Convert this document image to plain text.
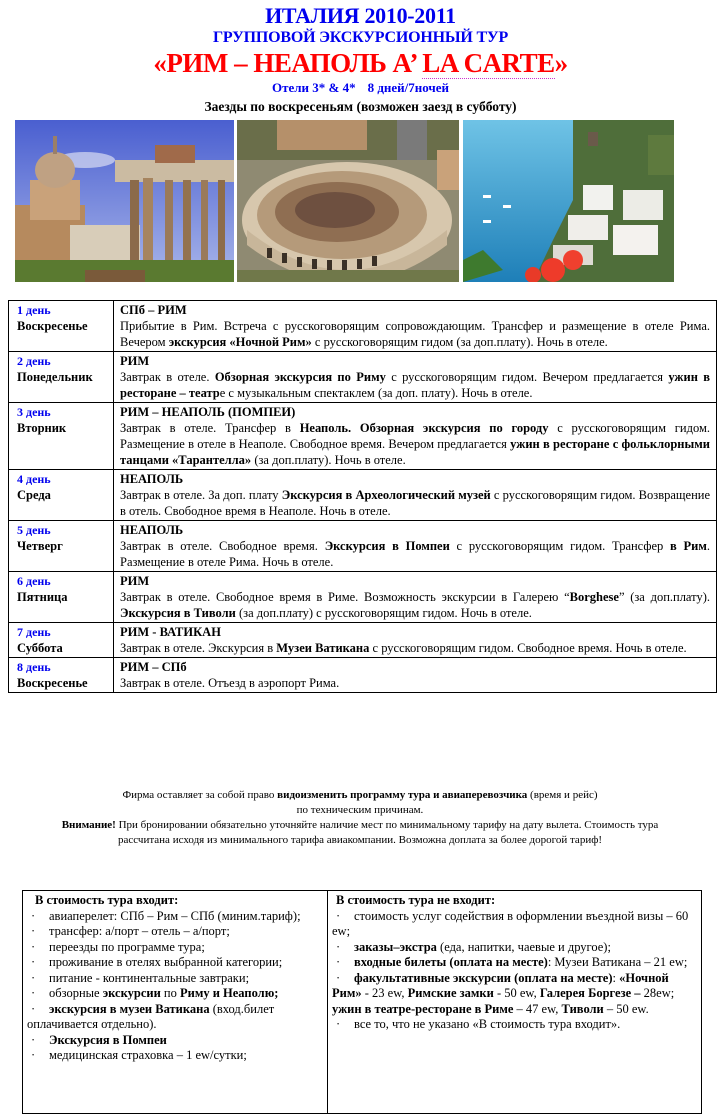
ИТАЛИЯ 2010-2011
ГРУППОВОЙ ЭКСКУРСИОННЫЙ ТУР
«РИМ – НЕАПОЛЬ A’ LA CARTE»
Отели 3* & 4* 8 дней/7ночей
Заезды по воскресеньям (возможен заезд в субботу)
1 день
Воскресенье	СПб – РИМ
Прибытие в Рим. Встреча с русскоговорящим сопровождающим. Трансфер и размещение в отеле Рима. Вечером экскурсия «Ночной Рим» с русскоговорящим гидом (за доп.плату). Ночь в отеле.

2 день
Понедельник	РИМ
Завтрак в отеле. Обзорная экскурсия по Риму с русскоговорящим гидом. Вечером предлагается ужин в ресторане – театре с музыкальным спектаклем (за доп. плату). Ночь в отеле.

3 день
Вторник	РИМ – НЕАПОЛЬ (ПОМПЕИ)
Завтрак в отеле. Трансфер в Неаполь. Обзорная экскурсия по городу с русскоговорящим гидом. Размещение в отеле в Неаполе. Свободное время. Вечером предлагается ужин в ресторане с фольклорными танцами «Тарантелла» (за доп.плату). Ночь в отеле.

4 день
Среда	НЕАПОЛЬ
Завтрак в отеле. За доп. плату Экскурсия в Археологический музей с русскоговорящим гидом. Возвращение в отель. Свободное время в Неаполе. Ночь в отеле.

5 день
Четверг	НЕАПОЛЬ
Завтрак в отеле. Свободное время. Экскурсия в Помпеи с русскоговорящим гидом. Трансфер в Рим. Размещение в отеле Рима. Ночь в отеле.

6 день
Пятница	РИМ
Завтрак в отеле. Свободное время в Риме. Возможность экскурсии в Галерею “Borghese” (за доп.плату). Экскурсия в Тиволи (за доп.плату) с русскоговорящим гидом. Ночь в отеле.

7 день
Суббота	РИМ - ВАТИКАН
Завтрак в отеле. Экскурсия в Музеи Ватикана с русскоговорящим гидом. Свободное время. Ночь в отеле.

8 день
Воскресенье	РИМ – СПб
Завтрак в отеле. Отъезд в аэропорт Рима.
Фирма оставляет за собой право видоизменить программу тура и авиаперевозчика (время и рейс)
по техническим причинам.
Внимание! При бронировании обязательно уточняйте наличие мест по минимальному тарифу на дату вылета. Стоимость тура рассчитана исходя из минимального тарифа авиакомпании. Возможна доплата за более дорогой тариф!
В стоимость тура входит:
· авиаперелет: СПб – Рим – СПб (миним.тариф);
· трансфер: а/порт – отель – а/порт;
· переезды по программе тура;
· проживание в отелях выбранной категории;
· питание - континентальные завтраки;
· обзорные экскурсии по Риму и Неаполю;
· экскурсия в музеи Ватикана (вход.билет оплачивается отдельно).
· Экскурсия в Помпеи
· медицинская страховка – 1 ew/сутки;

В стоимость тура не входит:
· стоимость услуг содействия в оформлении въездной визы – 60 ew;
· заказы–экстра (еда, напитки, чаевые и другое);
· входные билеты (оплата на месте): Музеи Ватикана – 21 ew;
· факультативные экскурсии (оплата на месте): «Ночной Рим» - 23 ew, Римские замки - 50 ew, Галерея Боргезе – 28ew; ужин в театре-ресторане в Риме – 47 ew, Тиволи – 50 ew.
· все то, что не указано «В стоимость тура входит».
